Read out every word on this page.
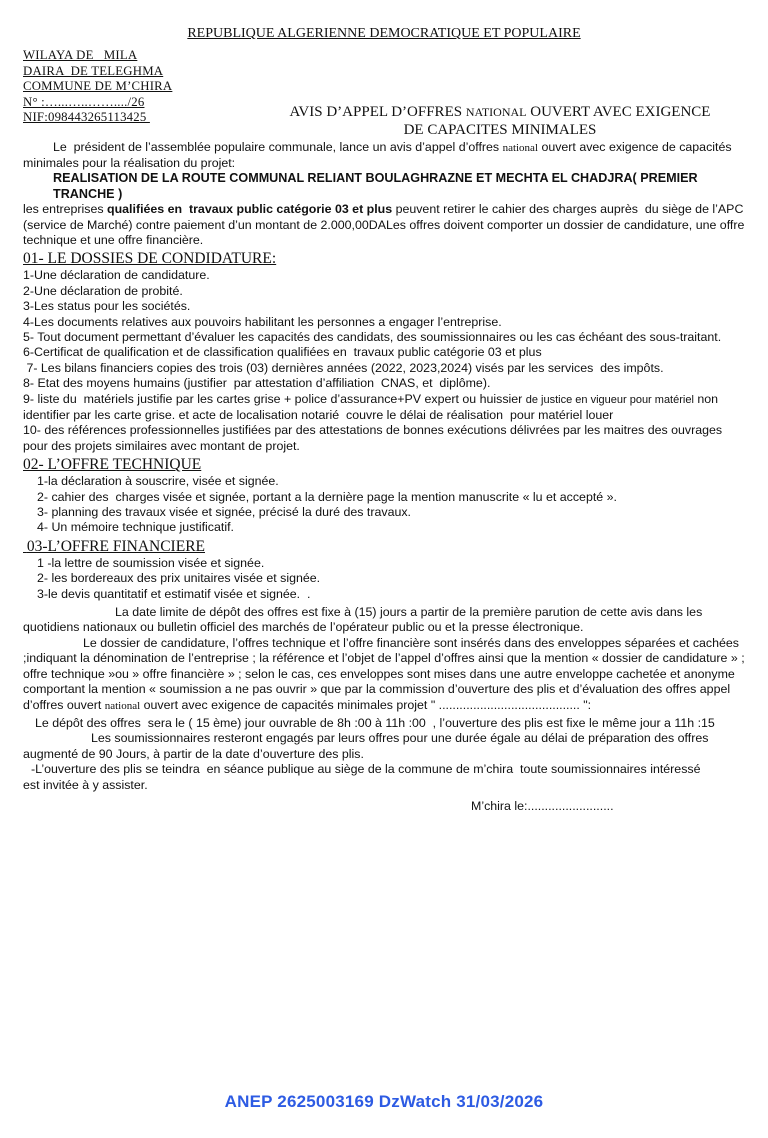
REPUBLIQUE ALGERIENNE DEMOCRATIQUE ET POPULAIRE
WILAYA DE   MILA
DAIRA  DE TELEGHMA
COMMUNE DE M’CHIRA
N° :…...…..……..../26
NIF:098443265113425	AVIS D’APPEL D’OFFRES NATIONAL OUVERT AVEC EXIGENCE
DE CAPACITES MINIMALES

Le  président de l’assemblée populaire communale, lance un avis d’appel d’offres national ouvert avec exigence de capacités minimales pour la réalisation du projet:

REALISATION DE LA ROUTE COMMUNAL RELIANT BOULAGHRAZNE ET MECHTA EL CHADJRA( PREMIER TRANCHE )

les entreprises qualifiées en  travaux public catégorie 03 et plus peuvent retirer le cahier des charges auprès  du siège de l’APC (service de Marché) contre paiement d’un montant de 2.000,00DALes offres doivent comporter un dossier de candidature, une offre technique et une offre financière.

01- LE DOSSIES DE CONDIDATURE:
1-Une déclaration de candidature.
2-Une déclaration de probité.
3-Les status pour les sociétés.
4-Les documents relatives aux pouvoirs habilitant les personnes a engager l’entreprise.
5- Tout document permettant d’évaluer les capacités des candidats, des soumissionnaires ou les cas échéant des sous-traitant.
6-Certificat de qualification et de classification qualifiées en  travaux public catégorie 03 et plus
7- Les bilans financiers copies des trois (03) dernières années (2022, 2023,2024) visés par les services  des impôts.
8- Etat des moyens humains (justifier  par attestation d’affiliation  CNAS, et  diplôme).
9- liste du  matériels justifie par les cartes grise + police d’assurance+PV expert ou huissier de justice en vigueur pour matériel non identifier par les carte grise. et acte de localisation notarié  couvre le délai de réalisation  pour matériel louer
10- des références professionnelles justifiées par des attestations de bonnes exécutions délivrées par les maitres des ouvrages pour des projets similaires avec montant de projet.
02- L’OFFRE TECHNIQUE
1-la déclaration à souscrire, visée et signée.
2- cahier des  charges visée et signée, portant a la dernière page la mention manuscrite « lu et accepté ».
3- planning des travaux visée et signée, précisé la duré des travaux.
4- Un mémoire technique justificatif.
03-L’OFFRE FINANCIERE
1 -la lettre de soumission visée et signée.
2- les bordereaux des prix unitaires visée et signée.
3-le devis quantitatif et estimatif visée et signée.  .

La date limite de dépôt des offres est fixe à (15) jours a partir de la première parution de cette avis dans les quotidiens nationaux ou bulletin officiel des marchés de l’opérateur public ou et la presse électronique.

Le dossier de candidature, l’offres technique et l’offre financière sont insérés dans des enveloppes séparées et cachées ;indiquant la dénomination de l’entreprise ; la référence et l’objet de l’appel d’offres ainsi que la mention « dossier de candidature » ; offre technique »ou » offre financière » ; selon le cas, ces enveloppes sont mises dans une autre enveloppe cachetée et anonyme comportant la mention « soumission a ne pas ouvrir » que par la commission d’ouverture des plis et d’évaluation des offres appel d’offres ouvert national ouvert avec exigence de capacités minimales projet " ......................................... ":

Le dépôt des offres  sera le ( 15 ème) jour ouvrable de 8h :00 à 11h :00  , l’ouverture des plis est fixe le même jour a 11h :15

Les soumissionnaires resteront engagés par leurs offres pour une durée égale au délai de préparation des offres augmenté de 90 Jours, à partir de la date d’ouverture des plis.

-L’ouverture des plis se teindra  en séance publique au siège de la commune de m’chira  toute soumissionnaires intéressé

est invitée à y assister.

M’chira le:.........................
ANEP 2625003169 DzWatch 31/03/2026
